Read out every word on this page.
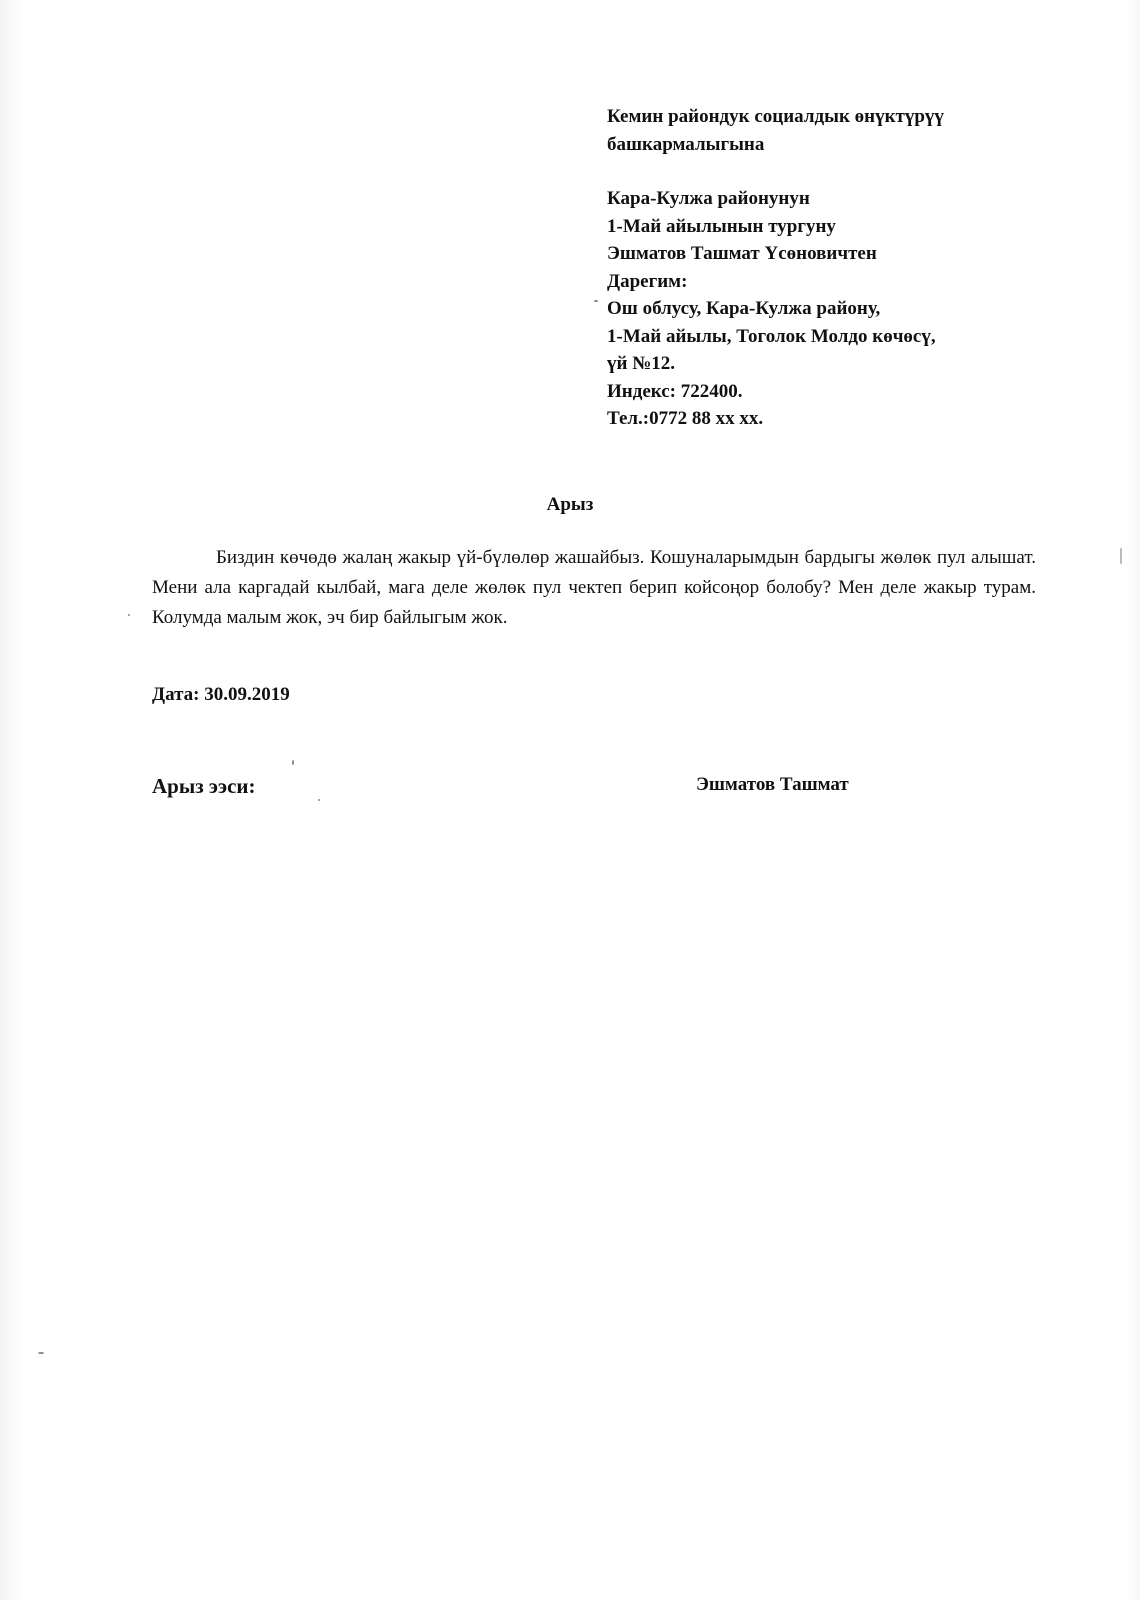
Кемин райондук социалдык өнүктүрүү
башкармалыгына
Кара-Кулжа районунун
1-Май айылынын тургуну
Эшматов Ташмат Үсөновичтен
Дарегим:
Ош облусу, Кара-Кулжа району,
1-Май айылы, Тоголок Молдо көчөсү,
үй №12.
Индекс: 722400.
Тел.:0772 88 xx xx.
Арыз
Биздин көчөдө жалаң жакыр үй-бүлөлөр жашайбыз. Кошуналарымдын бардыгы жөлөк пул алышат. Мени ала каргадай кылбай, мага деле жөлөк пул чектеп берип койсоңор болобу? Мен деле жакыр турам. Колумда малым жок, эч бир байлыгым жок.
Дата: 30.09.2019
Арыз ээси:	Эшматов Ташмат
